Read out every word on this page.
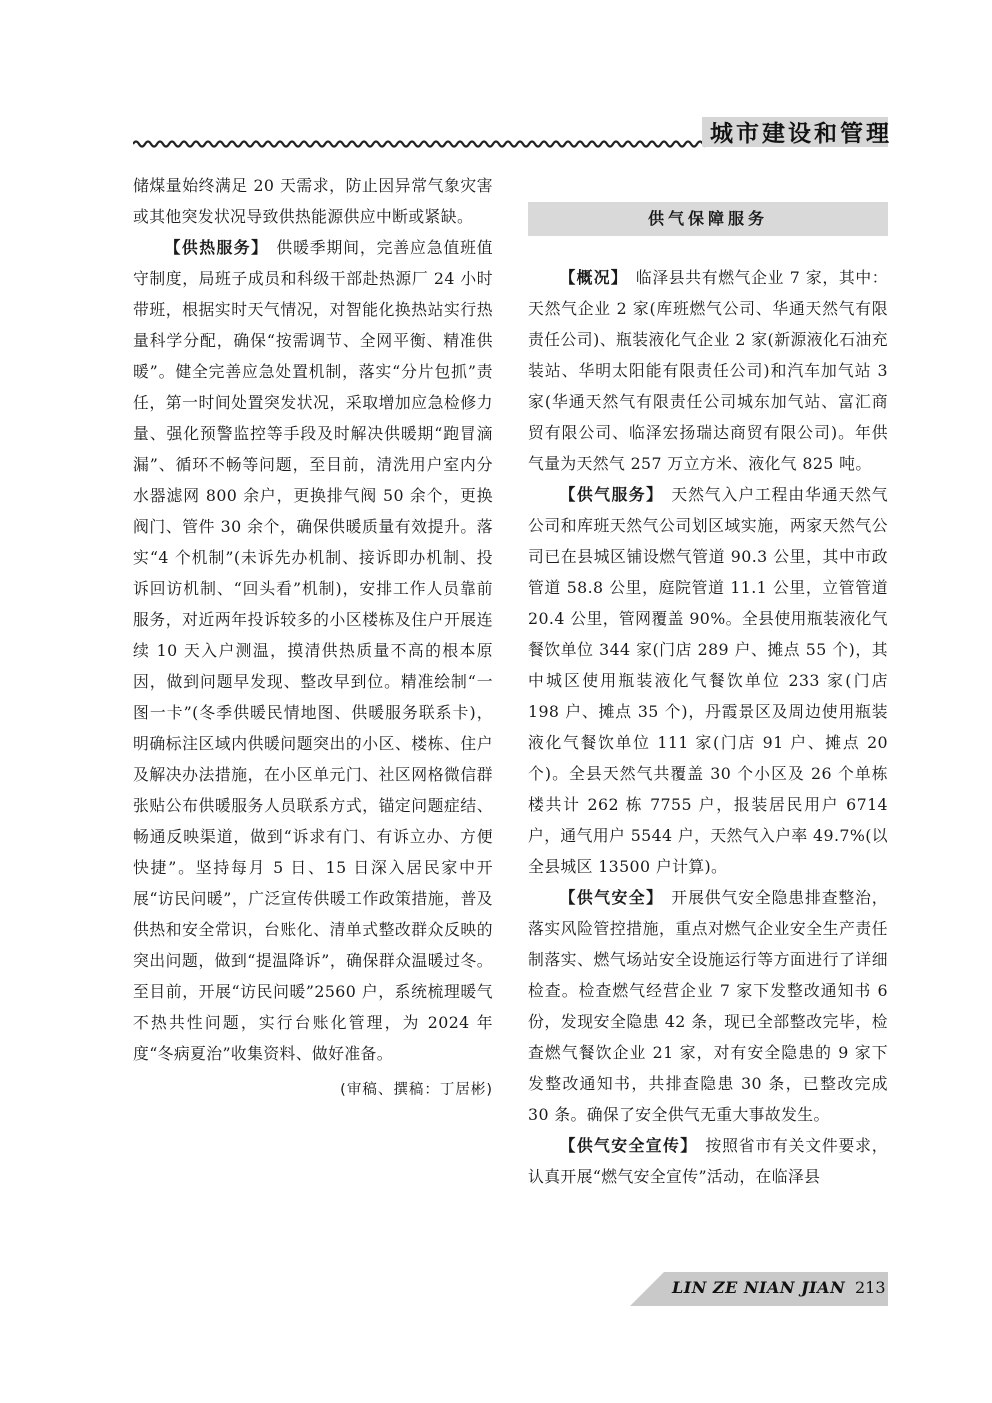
城市建设和管理

储煤量始终满足 20 天需求，防止因异常气象灾害或其他突发状况导致供热能源供应中断或紧缺。

【供热服务】 供暖季期间，完善应急值班值守制度，局班子成员和科级干部赴热源厂 24 小时带班，根据实时天气情况，对智能化换热站实行热量科学分配，确保“按需调节、全网平衡、精准供暖”。健全完善应急处置机制，落实“分片包抓”责任，第一时间处置突发状况，采取增加应急检修力量、强化预警监控等手段及时解决供暖期“跑冒滴漏”、循环不畅等问题，至目前，清洗用户室内分水器滤网 800 余户，更换排气阀 50 余个，更换阀门、管件 30 余个，确保供暖质量有效提升。落实“4 个机制”(未诉先办机制、接诉即办机制、投诉回访机制、“回头看”机制)，安排工作人员靠前服务，对近两年投诉较多的小区楼栋及住户开展连续 10 天入户测温，摸清供热质量不高的根本原因，做到问题早发现、整改早到位。精准绘制“一图一卡”(冬季供暖民情地图、供暖服务联系卡)，明确标注区域内供暖问题突出的小区、楼栋、住户及解决办法措施，在小区单元门、社区网格微信群张贴公布供暖服务人员联系方式，锚定问题症结、畅通反映渠道，做到“诉求有门、有诉立办、方便快捷”。坚持每月 5 日、15 日深入居民家中开展“访民问暖”，广泛宣传供暖工作政策措施，普及供热和安全常识，台账化、清单式整改群众反映的突出问题，做到“提温降诉”，确保群众温暖过冬。至目前，开展“访民问暖”2560 户，系统梳理暖气不热共性问题，实行台账化管理，为 2024 年度“冬病夏治”收集资料、做好准备。

(审稿、撰稿：丁居彬)
供气保障服务

【概况】 临泽县共有燃气企业 7 家，其中：天然气企业 2 家(库班燃气公司、华通天然气有限责任公司)、瓶装液化气企业 2 家(新源液化石油充装站、华明太阳能有限责任公司)和汽车加气站 3 家(华通天然气有限责任公司城东加气站、富汇商贸有限公司、临泽宏扬瑞达商贸有限公司)。年供气量为天然气 257 万立方米、液化气 825 吨。

【供气服务】 天然气入户工程由华通天然气公司和库班天然气公司划区域实施，两家天然气公司已在县城区铺设燃气管道 90.3 公里，其中市政管道 58.8 公里，庭院管道 11.1 公里，立管管道 20.4 公里，管网覆盖 90%。全县使用瓶装液化气餐饮单位 344 家(门店 289 户、摊点 55 个)，其中城区使用瓶装液化气餐饮单位 233 家(门店 198 户、摊点 35 个)，丹霞景区及周边使用瓶装液化气餐饮单位 111 家(门店 91 户、摊点 20 个)。全县天然气共覆盖 30 个小区及 26 个单栋楼共计 262 栋 7755 户，报装居民用户 6714 户，通气用户 5544 户，天然气入户率 49.7%(以全县城区 13500 户计算)。

【供气安全】 开展供气安全隐患排查整治，落实风险管控措施，重点对燃气企业安全生产责任制落实、燃气场站安全设施运行等方面进行了详细检查。检查燃气经营企业 7 家下发整改通知书 6 份，发现安全隐患 42 条，现已全部整改完毕，检查燃气餐饮企业 21 家，对有安全隐患的 9 家下发整改通知书，共排查隐患 30 条，已整改完成 30 条。确保了安全供气无重大事故发生。

【供气安全宣传】 按照省市有关文件要求，认真开展“燃气安全宣传”活动，在临泽县

LIN ZE NIAN JIAN 213
